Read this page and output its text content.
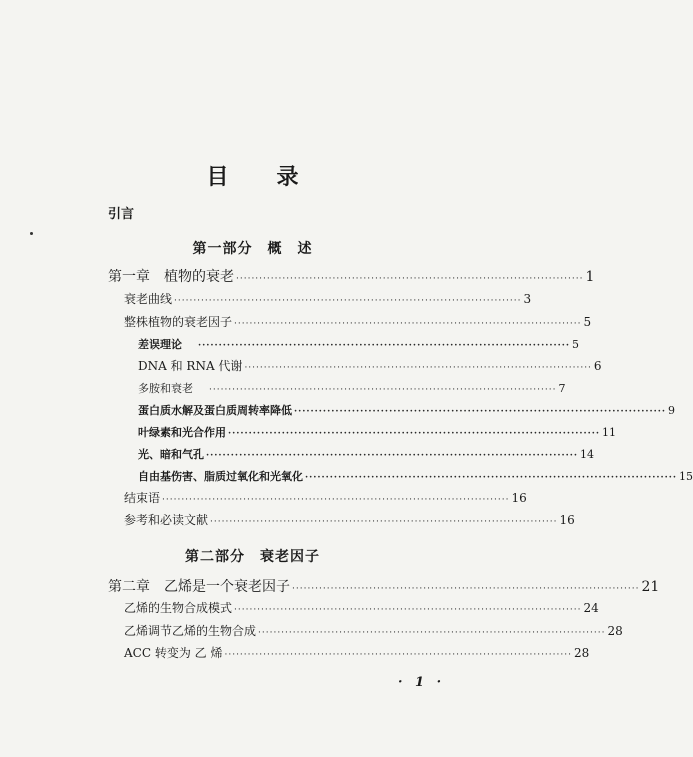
目 录
引言
第一部分　概　述
第一章　植物的衰老 ·························································································· 1
衰老曲线 ·························································································· 3
整株植物的衰老因子 ·························································································· 5
差误理论	·························································································· 5
DNA 和 RNA 代谢 ·························································································· 6
多胺和衰老	·························································································· 7
蛋白质水解及蛋白质周转率降低 ·························································································· 9
叶绿素和光合作用 ·························································································· 11
光、暗和气孔 ·························································································· 14
自由基伤害、脂质过氧化和光氧化 ·························································································· 15
结束语 ·························································································· 16
参考和必读文献 ·························································································· 16
第二部分　衰老因子
第二章　乙烯是一个衰老因子 ·························································································· 21
乙烯的生物合成模式 ·························································································· 24
乙烯调节乙烯的生物合成 ·························································································· 28
ACC 转变为 乙 烯 ·························································································· 28
· 1 ·
